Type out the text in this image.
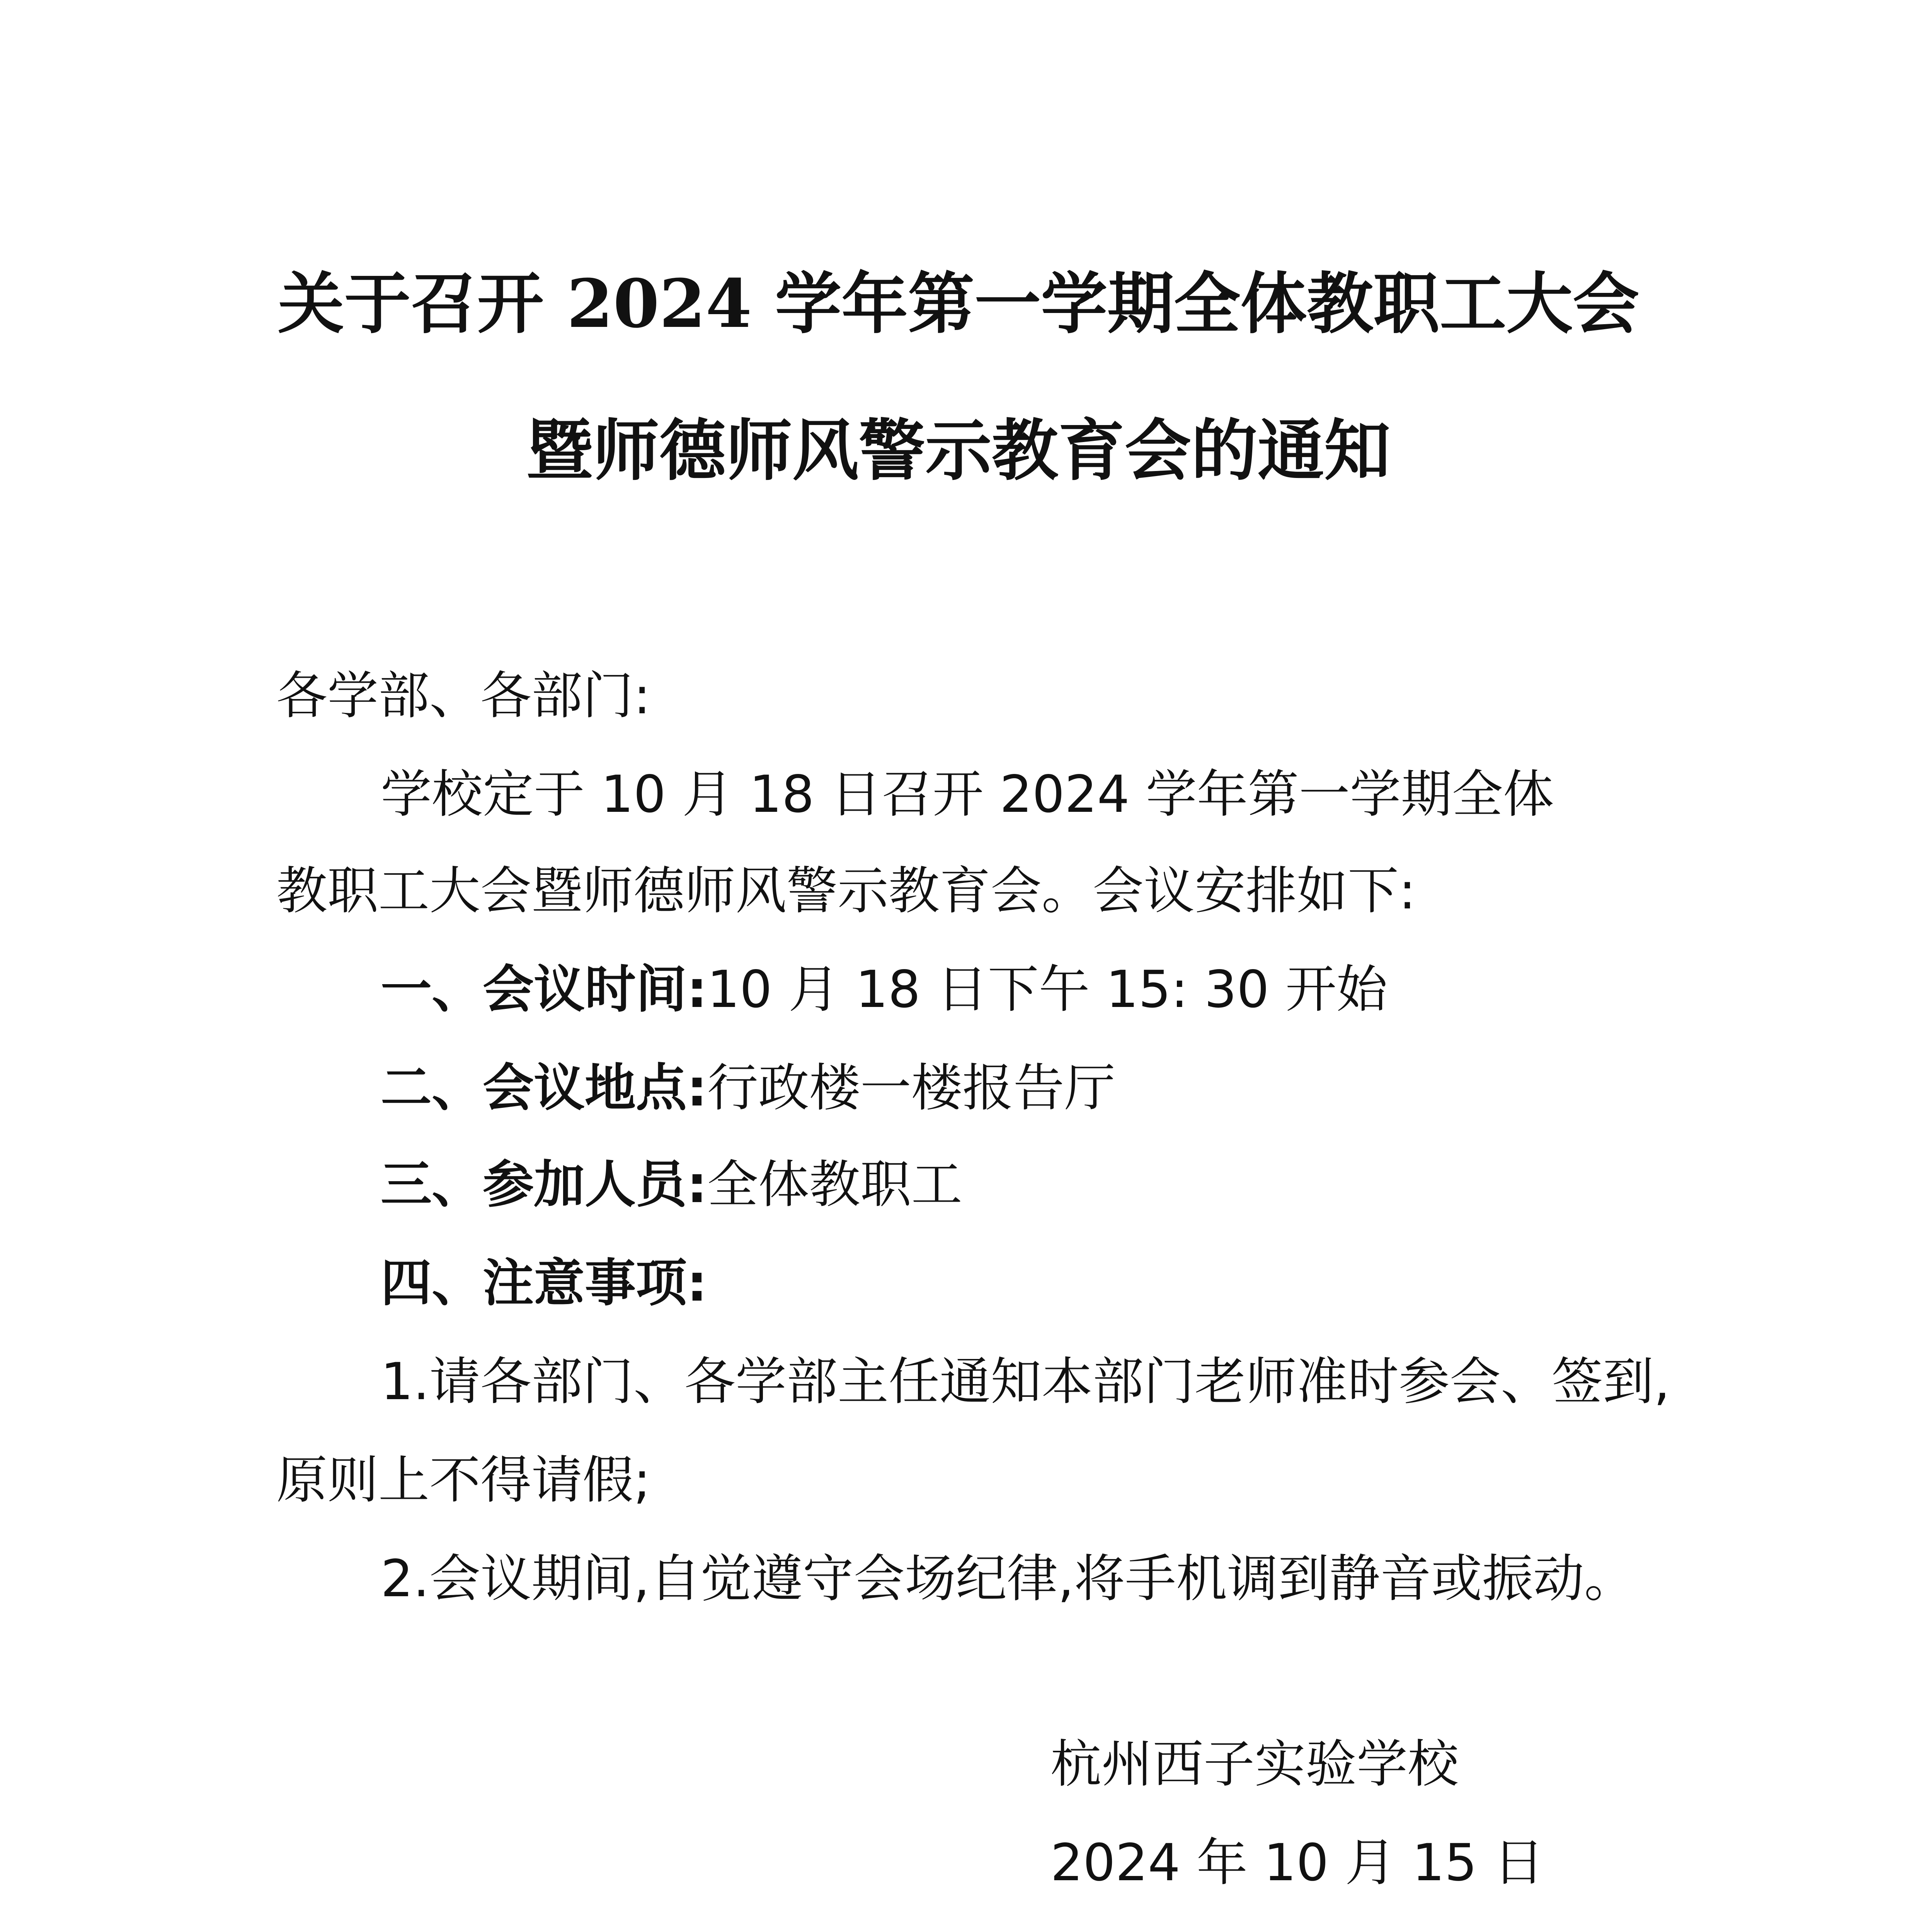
关于召开 2024 学年第一学期全体教职工大会
暨师德师风警示教育会的通知
各学部、各部门:
学校定于 10 月 18 日召开 2024 学年第一学期全体
教职工大会暨师德师风警示教育会。会议安排如下:
一、会议时间:10 月 18 日下午 15: 30 开始
二、会议地点:行政楼一楼报告厅
三、参加人员:全体教职工
四、注意事项:
1.请各部门、各学部主任通知本部门老师准时参会、签到,
原则上不得请假;
2.会议期间,自觉遵守会场纪律,将手机调到静音或振动。
杭州西子实验学校
2024 年 10 月 15 日
